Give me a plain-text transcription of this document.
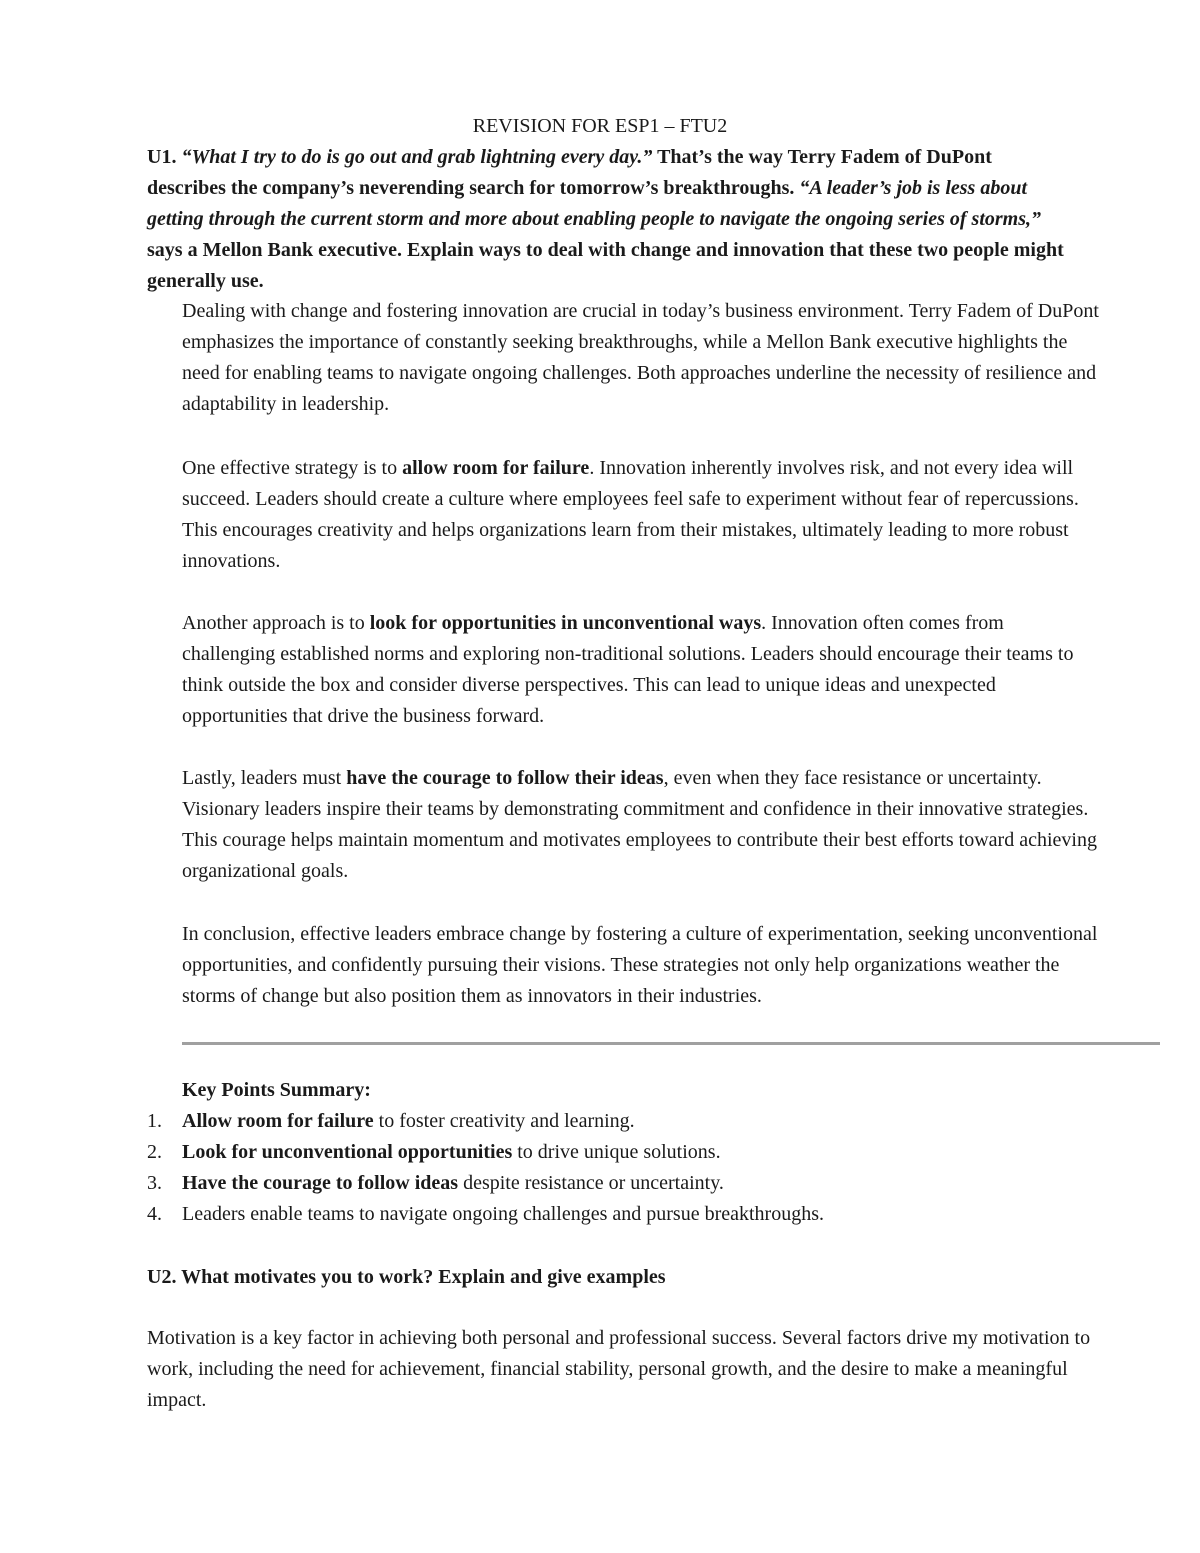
REVISION FOR ESP1 – FTU2

U1. “What I try to do is go out and grab lightning every day.” That’s the way Terry Fadem of DuPont describes the company’s neverending search for tomorrow’s breakthroughs. “A leader’s job is less about getting through the current storm and more about enabling people to navigate the ongoing series of storms,” says a Mellon Bank executive. Explain ways to deal with change and innovation that these two people might generally use.

Dealing with change and fostering innovation are crucial in today’s business environment. Terry Fadem of DuPont emphasizes the importance of constantly seeking breakthroughs, while a Mellon Bank executive highlights the need for enabling teams to navigate ongoing challenges. Both approaches underline the necessity of resilience and adaptability in leadership.

One effective strategy is to allow room for failure. Innovation inherently involves risk, and not every idea will succeed. Leaders should create a culture where employees feel safe to experiment without fear of repercussions. This encourages creativity and helps organizations learn from their mistakes, ultimately leading to more robust innovations.

Another approach is to look for opportunities in unconventional ways. Innovation often comes from challenging established norms and exploring non-traditional solutions. Leaders should encourage their teams to think outside the box and consider diverse perspectives. This can lead to unique ideas and unexpected opportunities that drive the business forward.

Lastly, leaders must have the courage to follow their ideas, even when they face resistance or uncertainty. Visionary leaders inspire their teams by demonstrating commitment and confidence in their innovative strategies. This courage helps maintain momentum and motivates employees to contribute their best efforts toward achieving organizational goals.

In conclusion, effective leaders embrace change by fostering a culture of experimentation, seeking unconventional opportunities, and confidently pursuing their visions. These strategies not only help organizations weather the storms of change but also position them as innovators in their industries.

Key Points Summary:

1. Allow room for failure to foster creativity and learning.
2. Look for unconventional opportunities to drive unique solutions.
3. Have the courage to follow ideas despite resistance or uncertainty.
4. Leaders enable teams to navigate ongoing challenges and pursue breakthroughs.

U2. What motivates you to work? Explain and give examples

Motivation is a key factor in achieving both personal and professional success. Several factors drive my motivation to work, including the need for achievement, financial stability, personal growth, and the desire to make a meaningful impact.
